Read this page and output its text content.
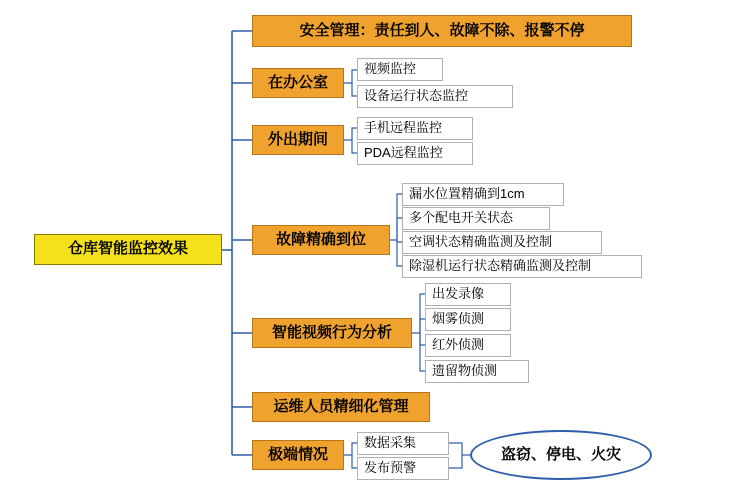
仓库智能监控效果
安全管理：责任到人、故障不除、报警不停
在办公室
视频监控
设备运行状态监控
外出期间
手机远程监控
PDA远程监控
故障精确到位
漏水位置精确到1cm
多个配电开关状态
空调状态精确监测及控制
除湿机运行状态精确监测及控制
智能视频行为分析
出发录像
烟雾侦测
红外侦测
遗留物侦测
运维人员精细化管理
极端情况
数据采集
发布预警
盗窃、停电、火灾
